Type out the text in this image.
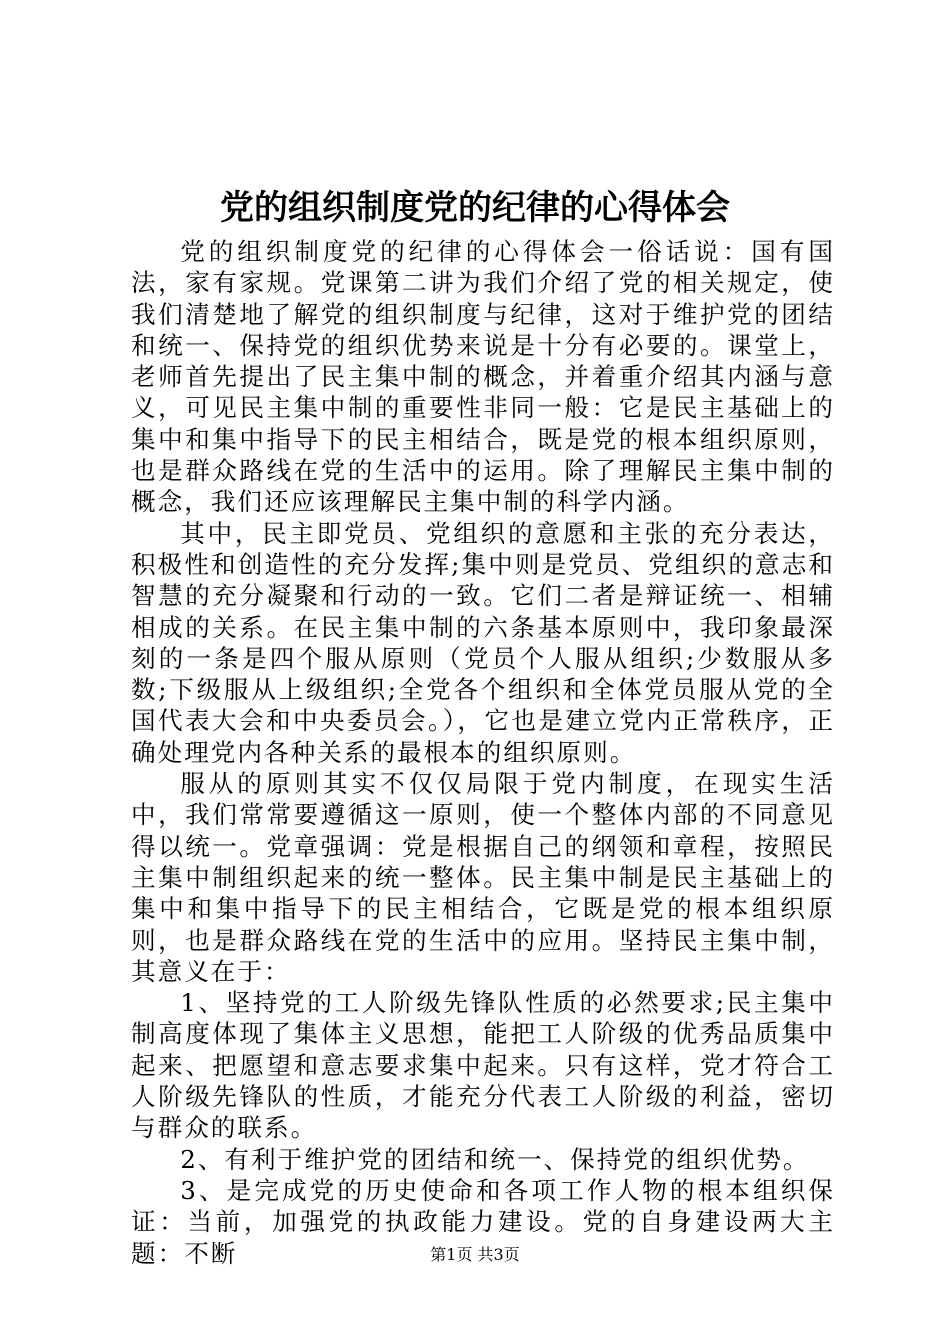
党的组织制度党的纪律的心得体会

党的组织制度党的纪律的心得体会一俗话说：国有国法，家有家规。党课第二讲为我们介绍了党的相关规定，使我们清楚地了解党的组织制度与纪律，这对于维护党的团结和统一、保持党的组织优势来说是十分有必要的。课堂上，老师首先提出了民主集中制的概念，并着重介绍其内涵与意义，可见民主集中制的重要性非同一般：它是民主基础上的集中和集中指导下的民主相结合，既是党的根本组织原则，也是群众路线在党的生活中的运用。除了理解民主集中制的概念，我们还应该理解民主集中制的科学内涵。

其中，民主即党员、党组织的意愿和主张的充分表达，积极性和创造性的充分发挥;集中则是党员、党组织的意志和智慧的充分凝聚和行动的一致。它们二者是辩证统一、相辅相成的关系。在民主集中制的六条基本原则中，我印象最深刻的一条是四个服从原则（党员个人服从组织;少数服从多数;下级服从上级组织;全党各个组织和全体党员服从党的全国代表大会和中央委员会。），它也是建立党内正常秩序，正确处理党内各种关系的最根本的组织原则。

服从的原则其实不仅仅局限于党内制度，在现实生活中，我们常常要遵循这一原则，使一个整体内部的不同意见得以统一。党章强调：党是根据自己的纲领和章程，按照民主集中制组织起来的统一整体。民主集中制是民主基础上的集中和集中指导下的民主相结合，它既是党的根本组织原则，也是群众路线在党的生活中的应用。坚持民主集中制，其意义在于：

1、坚持党的工人阶级先锋队性质的必然要求;民主集中制高度体现了集体主义思想，能把工人阶级的优秀品质集中起来、把愿望和意志要求集中起来。只有这样，党才符合工人阶级先锋队的性质，才能充分代表工人阶级的利益，密切与群众的联系。

2、有利于维护党的团结和统一、保持党的组织优势。

3、是完成党的历史使命和各项工作人物的根本组织保证：当前，加强党的执政能力建设。党的自身建设两大主题：不断	第1页 共3页
